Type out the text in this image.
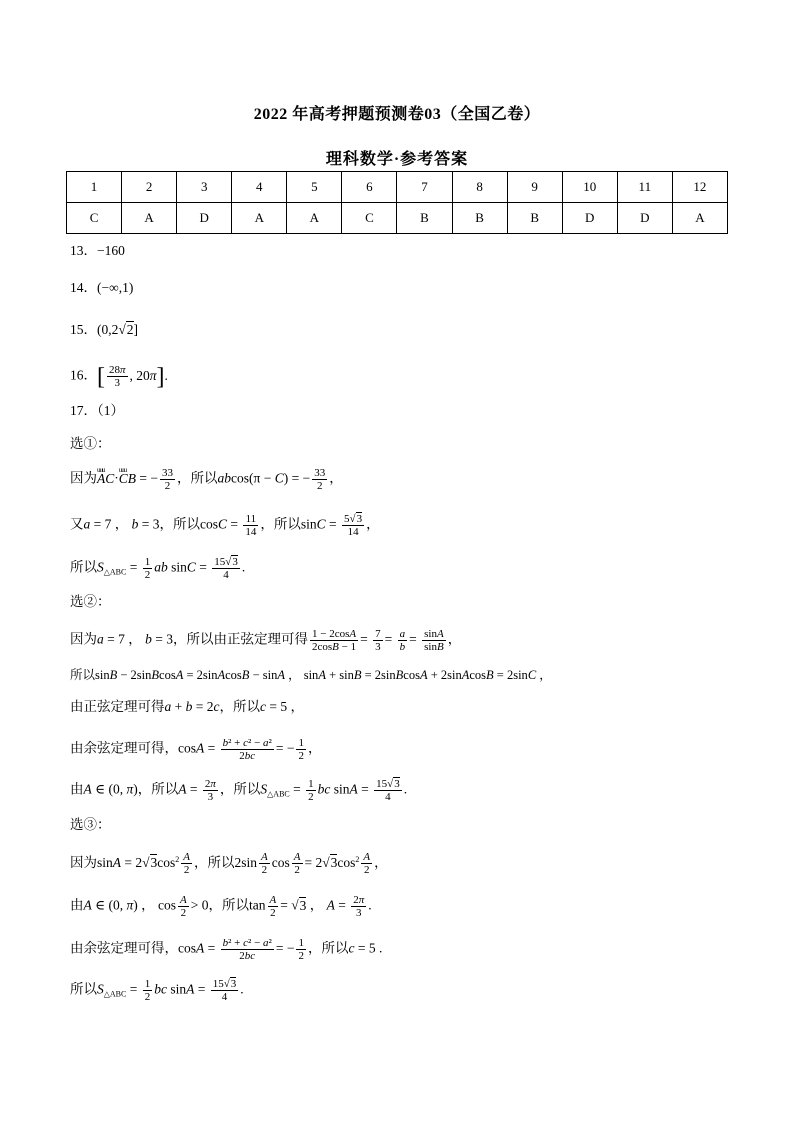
2022 年高考押题预测卷03（全国乙卷）
理科数学·参考答案
1	2	3	4	5	6	7	8	9	10	11	12
C	A	D	A	A	C	B	B	B	D	D	A
13．−160
14．(−∞,1)
15．(0,2√2]
16．[ $\frac{28\pi}{3}$ , 20π].
17．（1）
选①：
因为uuu AC·uuu CB = − $\frac{33}{2}$ ，所以abcos(π − C) = − $\frac{33}{2}$ ，
又a = 7 ， b = 3，所以$\cos C = \frac{11}{14}$ ，所以$\sin C = \frac{5√3}{14}$ ，
所以$S_{\triangle ABC} = \frac{1}{2}$ ab $\sin C = \frac{15√3}{4}$ .
选②：
因为a = 7 ， b = 3，所以由正弦定理可得 $\frac{1 - 2\cos A}{2\cos B - 1} = \frac{7}{3} = \frac{a}{b} = \frac{\sin A}{\sin B}$ ，
所以sinB − 2sinBcosA = 2sinAcosB − sinA ， sinA + sinB = 2sinBcosA + 2sinAcosB = 2sinC ，
由正弦定理可得a + b = 2c，所以c = 5 ，
由余弦定理可得，$\cos A = \frac{\text{b² + c² − a²}}{2bc}$ = − $\frac{1}{2}$ ，
由A ∈ (0, π)，所以$A = \frac{2\pi}{3}$ ，所以$S_{\triangle ABC} = \frac{1}{2}$ bc $\sin A = \frac{15√3}{4}$ .
选③：
因为$\sin A = 2√3\cos^2 \frac{A}{2}$ ，所以$2\sin \frac{A}{2}$ $\cos \frac{A}{2} = 2√3\cos^2 \frac{A}{2}$ ，
由A ∈ (0, π) ， $\cos \frac{A}{2} > 0$，所以$\tan \frac{A}{2} = √3$ ， $A = \frac{2\pi}{3}$ .
由余弦定理可得，$\cos A = \frac{\text{b² + c² − a²}}{2bc}$ = − $\frac{1}{2}$ ，所以c = 5 .
所以$S_{\triangle ABC} = \frac{1}{2}$ bc $\sin A = \frac{15√3}{4}$ .
